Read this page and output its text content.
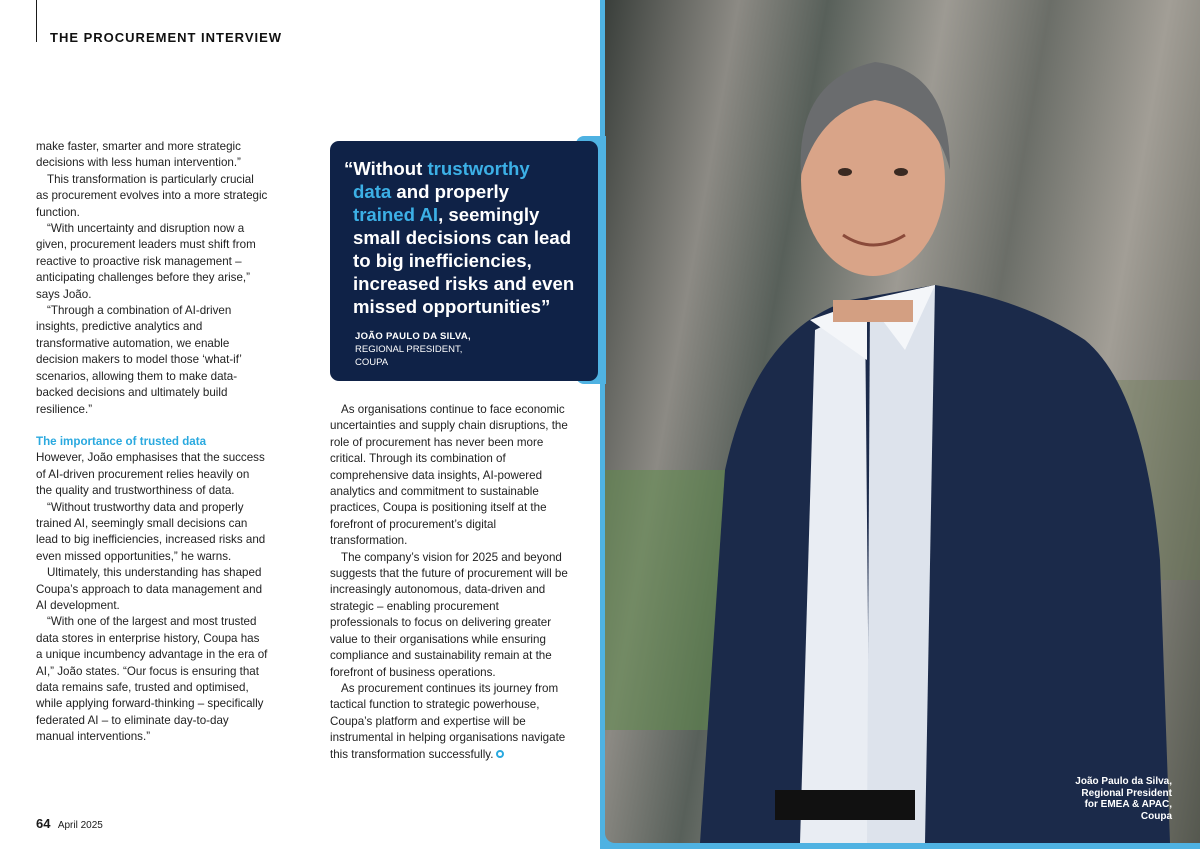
THE PROCUREMENT INTERVIEW

make faster, smarter and more strategic decisions with less human intervention.”

This transformation is particularly crucial as procurement evolves into a more strategic function.

“With uncertainty and disruption now a given, procurement leaders must shift from reactive to proactive risk management – anticipating challenges before they arise,” says João.

“Through a combination of AI-driven insights, predictive analytics and transformative automation, we enable decision makers to model those ‘what-if’ scenarios, allowing them to make data-backed decisions and ultimately build resilience.”

The importance of trusted data

However, João emphasises that the success of AI-driven procurement relies heavily on the quality and trustworthiness of data.

“Without trustworthy data and properly trained AI, seemingly small decisions can lead to big inefficiencies, increased risks and even missed opportunities,” he warns.

Ultimately, this understanding has shaped Coupa’s approach to data management and AI development.

“With one of the largest and most trusted data stores in enterprise history, Coupa has a unique incumbency advantage in the era of AI,” João states. “Our focus is ensuring that data remains safe, trusted and optimised, while applying forward-thinking – specifically federated AI – to eliminate day-to-day manual interventions.”

João Paulo da Silva,
Regional President
for EMEA & APAC,
Coupa
“Without trustworthy
data and properly
trained AI, seemingly
small decisions can lead
to big inefficiencies,
increased risks and even
missed opportunities”
JOÃO PAULO DA SILVA,
REGIONAL PRESIDENT,
COUPA

As organisations continue to face economic uncertainties and supply chain disruptions, the role of procurement has never been more critical. Through its combination of comprehensive data insights, AI-powered analytics and commitment to sustainable practices, Coupa is positioning itself at the forefront of procurement’s digital transformation.

The company’s vision for 2025 and beyond suggests that the future of procurement will be increasingly autonomous, data-driven and strategic – enabling procurement professionals to focus on delivering greater value to their organisations while ensuring compliance and sustainability remain at the forefront of business operations.

As procurement continues its journey from tactical function to strategic powerhouse, Coupa’s platform and expertise will be instrumental in helping organisations navigate this transformation successfully.

64 April 2025
